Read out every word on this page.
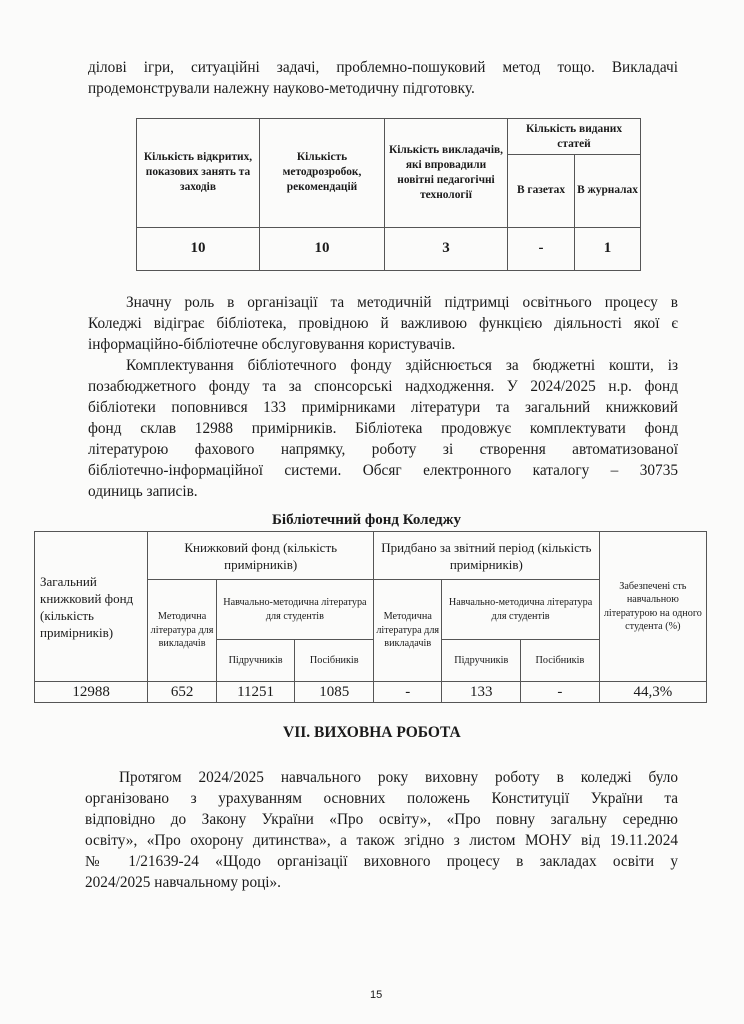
ділові ігри, ситуаційні задачі, проблемно-пошуковий метод тощо. Викладачі
продемонстрували належну науково-методичну підготовку.
Кількість відкритих, показових занять та заходів	Кількість методрозробок, рекомендацій	Кількість викладачів, які впровадили новітні педагогічні технології	Кількість виданих статей	
			В газетах	В журналах
10	10	3	-	1
Значну роль в організації та методичній підтримці освітнього процесу в
Коледжі відіграє бібліотека, провідною й важливою функцією діяльності якої є
інформаційно-бібліотечне обслуговування користувачів.
Комплектування бібліотечного фонду здійснюється за бюджетні кошти, із
позабюджетного фонду та за спонсорські надходження. У 2024/2025 н.р. фонд
бібліотеки поповнився 133 примірниками літератури та загальний книжковий
фонд склав 12988 примірників. Бібліотека продовжує комплектувати фонд
літературою фахового напрямку, роботу зі створення автоматизованої
бібліотечно-інформаційної системи. Обсяг електронного каталогу – 30735
одиниць записів.
Бібліотечний фонд Коледжу
Загальний книжковий фонд (кількість примірників)	Книжковий фонд (кількість примірників)			Придбано за звітний період (кількість примірників)			Забезпечені сть навчальною літературою на одного студента (%)
	Методична література для викладачів	Навчально-методична література для студентів		Методична література для викладачів	Навчально-методична література для студентів		
		Підручників	Посібників		Підручників	Посібників	
12988	652	11251	1085	-	133	-	44,3%
VII. ВИХОВНА РОБОТА
Протягом 2024/2025 навчального року виховну роботу в коледжі було
організовано з урахуванням основних положень Конституції України та
відповідно до Закону України «Про освіту», «Про повну загальну середню
освіту», «Про охорону дитинства», а також згідно з листом МОНУ від 19.11.2024
№ 1/21639-24 «Щодо організації виховного процесу в закладах освіти у
2024/2025 навчальному році».
15
